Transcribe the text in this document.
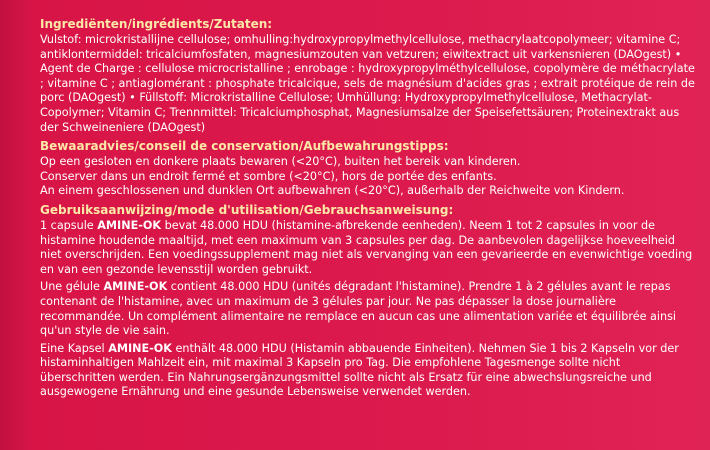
Ingrediënten/ingrédients/Zutaten:

Vulstof: microkristallijne cellulose; omhulling:hydroxypropylmethylcellulose, methacrylaatcopolymeer; vitamine C; antiklontermiddel: tricalciumfosfaten, magnesiumzouten van vetzuren; eiwitextract uit varkensnieren (DAOgest) • Agent de Charge : cellulose microcristalline ; enrobage : hydroxypropylméthylcellulose, copolymère de méthacrylate ; vitamine C ; antiaglomérant : phosphate tricalcique, sels de magnésium d'acides gras ; extrait protéique de rein de porc (DAOgest) • Füllstoff: Microkristalline Cellulose; Umhüllung: Hydroxypropylmethylcellulose, Methacrylat-Copolymer; Vitamin C; Trennmittel: Tricalciumphosphat, Magnesiumsalze der Speisefettsäuren; Proteinextrakt aus der Schweineniere (DAOgest)

Bewaaradvies/conseil de conservation/Aufbewahrungstipps:

Op een gesloten en donkere plaats bewaren (<20°C), buiten het bereik van kinderen.

Conserver dans un endroit fermé et sombre (<20°C), hors de portée des enfants.

An einem geschlossenen und dunklen Ort aufbewahren (<20°C), außerhalb der Reichweite von Kindern.

Gebruiksaanwijzing/mode d'utilisation/Gebrauchsanweisung:

1 capsule AMINE-OK bevat 48.000 HDU (histamine-afbrekende eenheden). Neem 1 tot 2 capsules in voor de histamine houdende maaltijd, met een maximum van 3 capsules per dag. De aanbevolen dagelijkse hoeveelheid niet overschrijden. Een voedingssupplement mag niet als vervanging van een gevarieerde en evenwichtige voeding en van een gezonde levensstijl worden gebruikt.

Une gélule AMINE-OK contient 48.000 HDU (unités dégradant l'histamine). Prendre 1 à 2 gélules avant le repas contenant de l'histamine, avec un maximum de 3 gélules par jour. Ne pas dépasser la dose journalière recommandée. Un complément alimentaire ne remplace en aucun cas une alimentation variée et équilibrée ainsi qu'un style de vie sain.

Eine Kapsel AMINE-OK enthält 48.000 HDU (Histamin abbauende Einheiten). Nehmen Sie 1 bis 2 Kapseln vor der histaminhaltigen Mahlzeit ein, mit maximal 3 Kapseln pro Tag. Die empfohlene Tagesmenge sollte nicht überschritten werden. Ein Nahrungsergänzungsmittel sollte nicht als Ersatz für eine abwechslungsreiche und ausgewogene Ernährung und eine gesunde Lebensweise verwendet werden.
